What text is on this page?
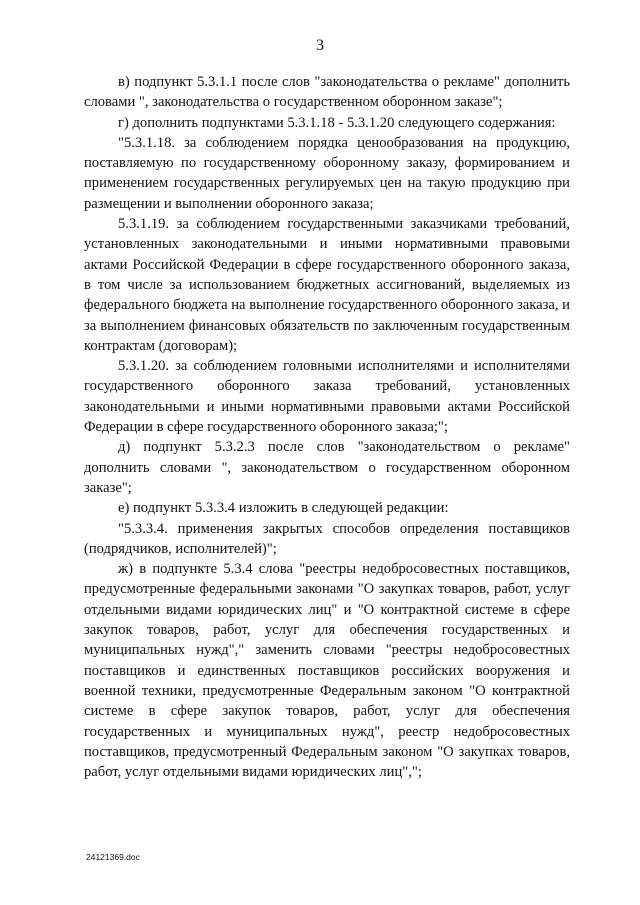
3

в) подпункт 5.3.1.1 после слов "законодательства о рекламе" дополнить словами ", законодательства о государственном оборонном заказе";

г) дополнить подпунктами 5.3.1.18 - 5.3.1.20 следующего содержания:

"5.3.1.18. за соблюдением порядка ценообразования на продукцию, поставляемую по государственному оборонному заказу, формированием и применением государственных регулируемых цен на такую продукцию при размещении и выполнении оборонного заказа;

5.3.1.19. за соблюдением государственными заказчиками требований, установленных законодательными и иными нормативными правовыми актами Российской Федерации в сфере государственного оборонного заказа, в том числе за использованием бюджетных ассигнований, выделяемых из федерального бюджета на выполнение государственного оборонного заказа, и за выполнением финансовых обязательств по заключенным государственным контрактам (договорам);

5.3.1.20. за соблюдением головными исполнителями и исполнителями государственного оборонного заказа требований, установленных законодательными и иными нормативными правовыми актами Российской Федерации в сфере государственного оборонного заказа;";

д) подпункт 5.3.2.3 после слов "законодательством о рекламе" дополнить словами ", законодательством о государственном оборонном заказе";

е) подпункт 5.3.3.4 изложить в следующей редакции:

"5.3.3.4. применения закрытых способов определения поставщиков (подрядчиков, исполнителей)";

ж) в подпункте 5.3.4 слова "реестры недобросовестных поставщиков, предусмотренные федеральными законами "О закупках товаров, работ, услуг отдельными видами юридических лиц" и "О контрактной системе в сфере закупок товаров, работ, услуг для обеспечения государственных и муниципальных нужд"," заменить словами "реестры недобросовестных поставщиков и единственных поставщиков российских вооружения и военной техники, предусмотренные Федеральным законом "О контрактной системе в сфере закупок товаров, работ, услуг для обеспечения государственных и муниципальных нужд", реестр недобросовестных поставщиков, предусмотренный Федеральным законом "О закупках товаров, работ, услуг отдельными видами юридических лиц",";

24121369.doc
